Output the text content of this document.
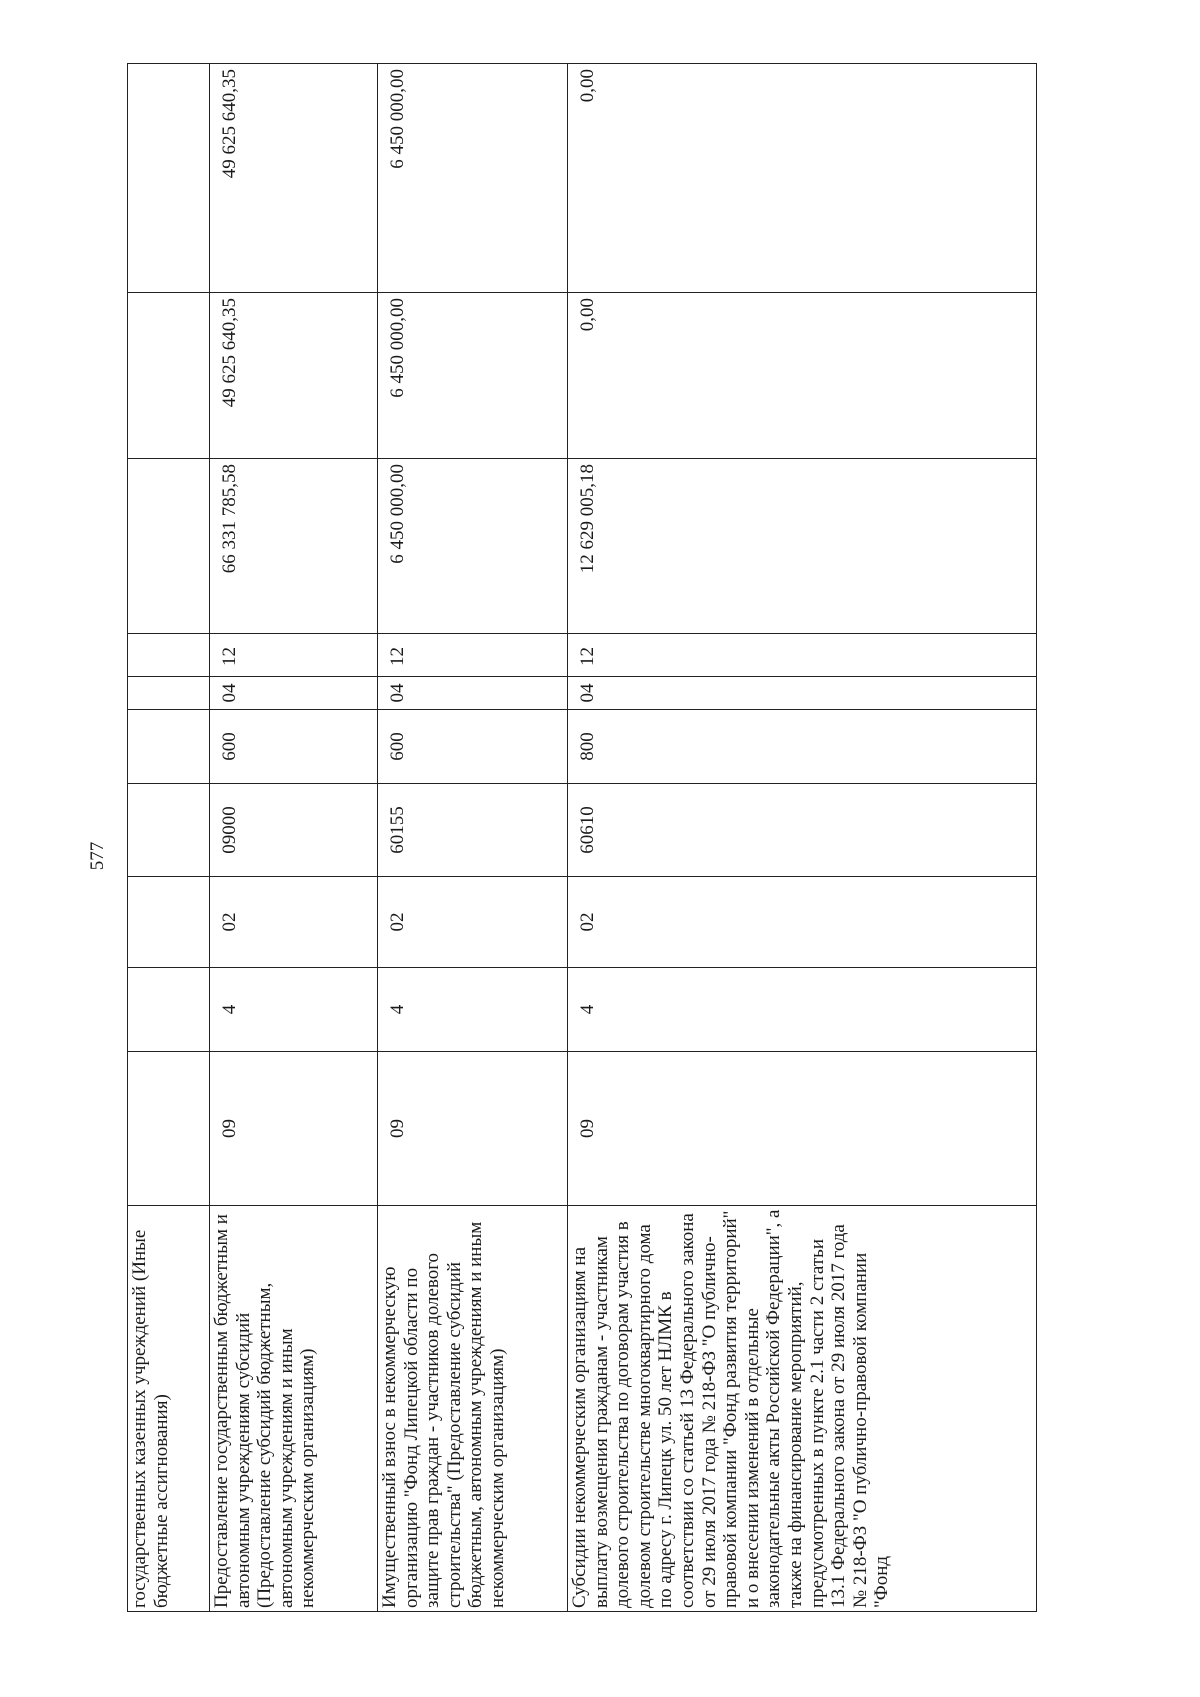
577
государственных казенных учреждений (Иные бюджетные ассигнования)										
Предоставление государственным бюджетным и автономным учреждениям субсидий (Предоставление субсидий бюджетным, автономным учреждениям и иным некоммерческим организациям)	09	4	02	09000	600	04	12	66 331 785,58	49 625 640,35	49 625 640,35
Имущественный взнос в некоммерческую организацию "Фонд Липецкой области по защите прав граждан - участников долевого строительства" (Предоставление субсидий бюджетным, автономным учреждениям и иным некоммерческим организациям)	09	4	02	60155	600	04	12	6 450 000,00	6 450 000,00	6 450 000,00
Субсидии некоммерческим организациям на выплату возмещения гражданам - участникам долевого строительства по договорам участия в долевом строительстве многоквартирного дома по адресу г. Липецк ул. 50 лет НЛМК в соответствии со статьей 13 Федерального закона от 29 июля 2017 года № 218-ФЗ "О публично-правовой компании "Фонд развития территорий" и о внесении изменений в отдельные законодательные акты Российской Федерации", а также на финансирование мероприятий, предусмотренных в пункте 2.1 части 2 статьи 13.1 Федерального закона от 29 июля 2017 года № 218-ФЗ "О публично-правовой компании "Фонд	09	4	02	60610	800	04	12	12 629 005,18	0,00	0,00
